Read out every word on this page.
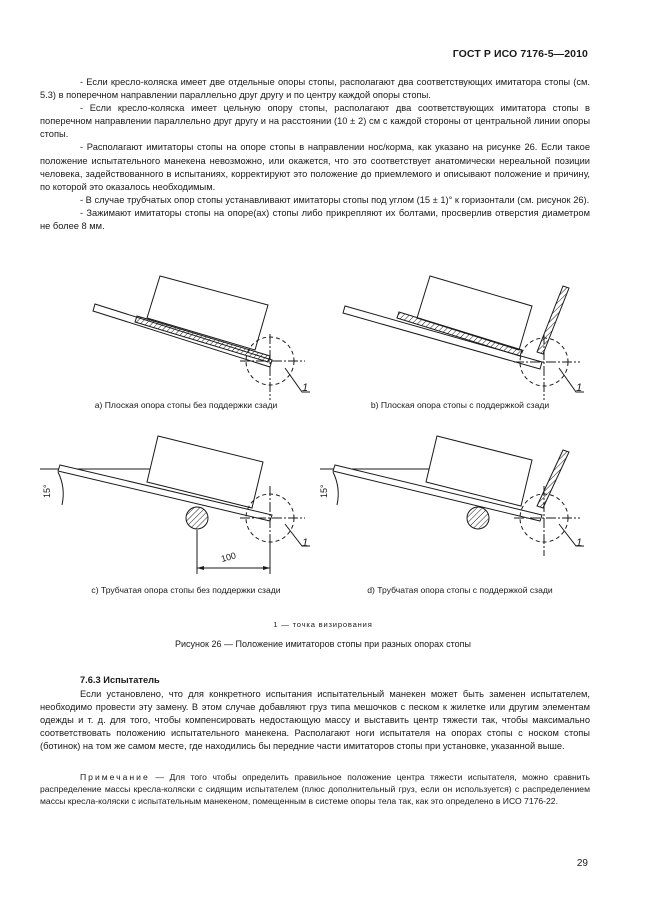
ГОСТ Р ИСО 7176-5—2010

- Если кресло-коляска имеет две отдельные опоры стопы, располагают два соответствующих имитатора стопы (см. 5.3) в поперечном направлении параллельно друг другу и по центру каждой опоры стопы.

- Если кресло-коляска имеет цельную опору стопы, располагают два соответствующих имитатора стопы в поперечном направлении параллельно друг другу и на расстоянии (10 ± 2) см с каждой стороны от центральной линии опоры стопы.

- Располагают имитаторы стопы на опоре стопы в направлении нос/корма, как указано на рисунке 26. Если такое положение испытательного манекена невозможно, или окажется, что это соответствует анатомически нереальной позиции человека, задействованного в испытаниях, корректируют это положение до приемлемого и описывают положение и причину, по которой это оказалось необходимым.

- В случае трубчатых опор стопы устанавливают имитаторы стопы под углом (15 ± 1)° к горизонтали (см. рисунок 26).

- Зажимают имитаторы стопы на опоре(ах) стопы либо прикрепляют их болтами, просверлив отверстия диаметром не более 8 мм.

1	1
1
15°
100
1
15°
a) Плоская опора стопы без поддержки сзади	b) Плоская опора стопы с поддержкой сзади
c) Трубчатая опора стопы без поддержки сзади	d) Трубчатая опора стопы с поддержкой сзади
1 — точка визирования
Рисунок 26 — Положение имитаторов стопы при разных опорах стопы
7.6.3 Испытатель

Если установлено, что для конкретного испытания испытательный манекен может быть заменен испытателем, необходимо провести эту замену. В этом случае добавляют груз типа мешочков с песком к жилетке или другим элементам одежды и т. д. для того, чтобы компенсировать недостающую массу и выставить центр тяжести так, чтобы максимально соответствовать положению испытательного манекена. Располагают ноги испытателя на опорах стопы с носком стопы (ботинок) на том же самом месте, где находились бы передние части имитаторов стопы при установке, указанной выше.

Примечание — Для того чтобы определить правильное положение центра тяжести испытателя, можно сравнить распределение массы кресла-коляски с сидящим испытателем (плюс дополнительный груз, если он используется) с распределением массы кресла-коляски с испытательным манекеном, помещенным в системе опоры тела так, как это определено в ИСО 7176-22.
29
